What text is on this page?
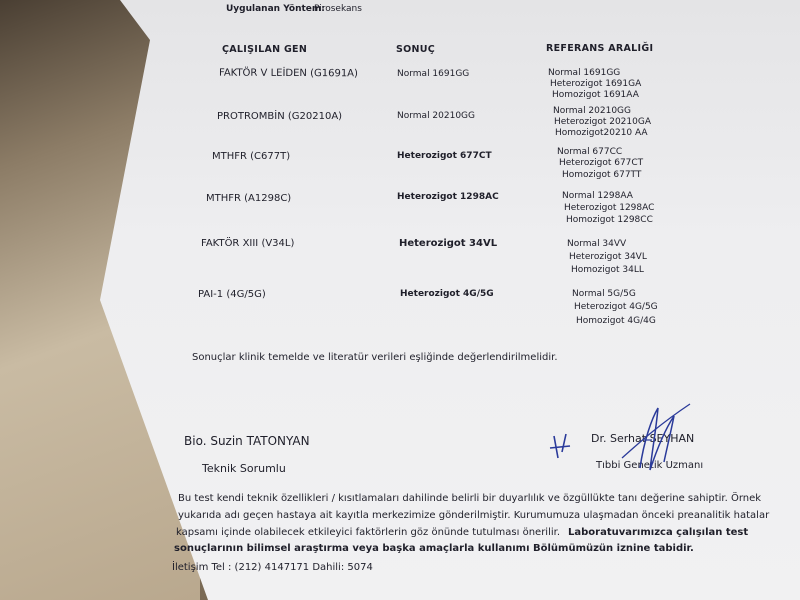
Uygulanan Yöntem:
Pirosekans
ÇALIŞILAN GEN	SONUÇ	REFERANS ARALIĞI
FAKTÖR V LEİDEN (G1691A)	Normal 1691GG	Normal 1691GG
Heterozigot 1691GA
Homozigot 1691AA
PROTROMBİN (G20210A)	Normal 20210GG	Normal 20210GG
Heterozigot 20210GA
Homozigot20210 AA
MTHFR (C677T)	Heterozigot 677CT	Normal 677CC
Heterozigot 677CT
Homozigot 677TT
MTHFR (A1298C)	Heterozigot 1298AC	Normal 1298AA
Heterozigot 1298AC
Homozigot 1298CC
FAKTÖR XIII (V34L)	Heterozigot 34VL	Normal 34VV
Heterozigot 34VL
Homozigot 34LL
PAI-1 (4G/5G)	Heterozigot 4G/5G	Normal 5G/5G
Heterozigot 4G/5G
Homozigot 4G/4G
Sonuçlar klinik temelde ve literatür verileri eşliğinde değerlendirilmelidir.
Bio. Suzin TATONYAN
Teknik Sorumlu
Dr. Serhat SEYHAN
Tıbbi Genetik Uzmanı
Bu test kendi teknik özellikleri / kısıtlamaları dahilinde belirli bir duyarlılık ve özgüllükte tanı değerine sahiptir. Örnek
yukarıda adı geçen hastaya ait kayıtla merkezimize gönderilmiştir. Kurumumuza ulaşmadan önceki preanalitik hatalar
kapsamı içinde olabilecek etkileyici faktörlerin göz önünde tutulması önerilir. Laboratuvarımızca çalışılan test
sonuçlarının bilimsel araştırma veya başka amaçlarla kullanımı Bölümümüzün iznine tabidir.
İletişim Tel : (212) 4147171 Dahili: 5074
